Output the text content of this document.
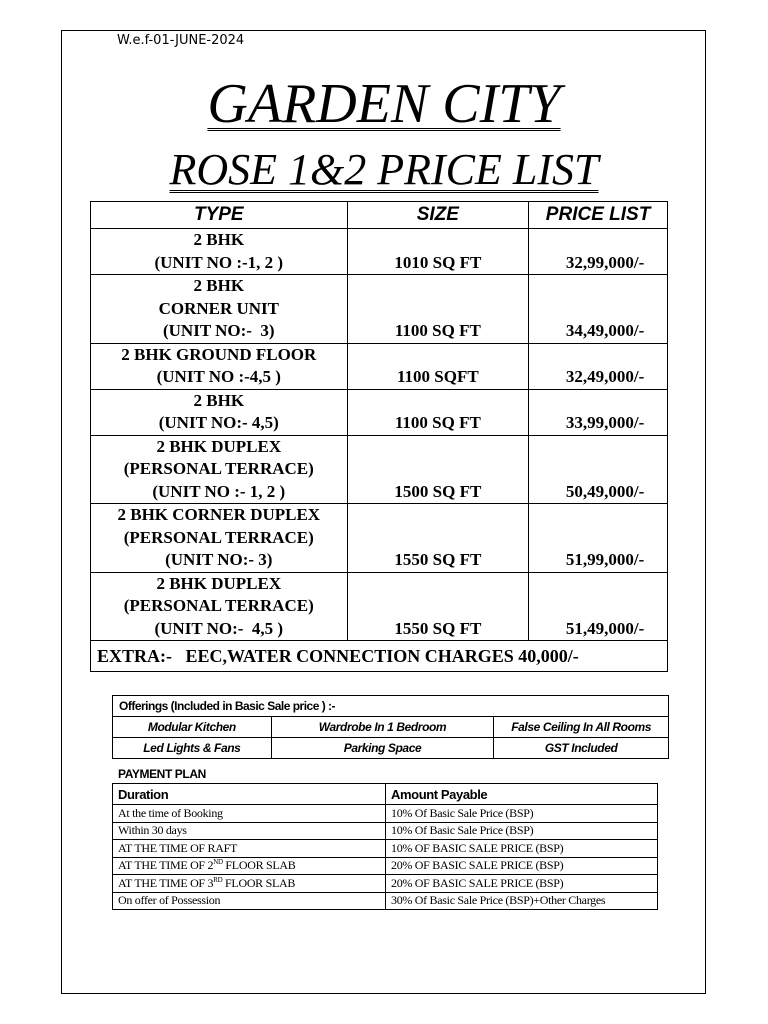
W.e.f-01-JUNE-2024
GARDEN CITY
ROSE 1&2 PRICE LIST
TYPE	SIZE	PRICE LIST

2 BHK
(UNIT NO :-1, 2 )	1010 SQ FT	32,99,000/-

2 BHK
CORNER UNIT
(UNIT NO:-  3)	1100 SQ FT	34,49,000/-

2 BHK GROUND FLOOR
(UNIT NO :-4,5 )	1100 SQFT	32,49,000/-

2 BHK
(UNIT NO:- 4,5)	1100 SQ FT	33,99,000/-

2 BHK DUPLEX
(PERSONAL TERRACE)
(UNIT NO :- 1, 2 )	1500 SQ FT	50,49,000/-

2 BHK CORNER DUPLEX
(PERSONAL TERRACE)
(UNIT NO:- 3)	1550 SQ FT	51,99,000/-

2 BHK DUPLEX
(PERSONAL TERRACE)
(UNIT NO:-  4,5 )	1550 SQ FT	51,49,000/-
EXTRA:-   EEC,WATER CONNECTION CHARGES 40,000/-		
Offerings (Included in Basic Sale price ) :-		
Modular Kitchen	Wardrobe In 1 Bedroom	False Ceiling In All Rooms
Led Lights & Fans	Parking Space	GST Included
PAYMENT PLAN
Duration	Amount Payable
At the time of Booking	10% Of Basic Sale Price (BSP)
Within 30 days	10% Of Basic Sale Price (BSP)
AT THE TIME OF RAFT	10% OF BASIC SALE PRICE (BSP)
AT THE TIME OF 2ND FLOOR SLAB	20% OF BASIC SALE PRICE (BSP)
AT THE TIME OF 3RD FLOOR SLAB	20% OF BASIC SALE PRICE (BSP)
On offer of Possession	30% Of Basic Sale Price (BSP)+Other Charges
